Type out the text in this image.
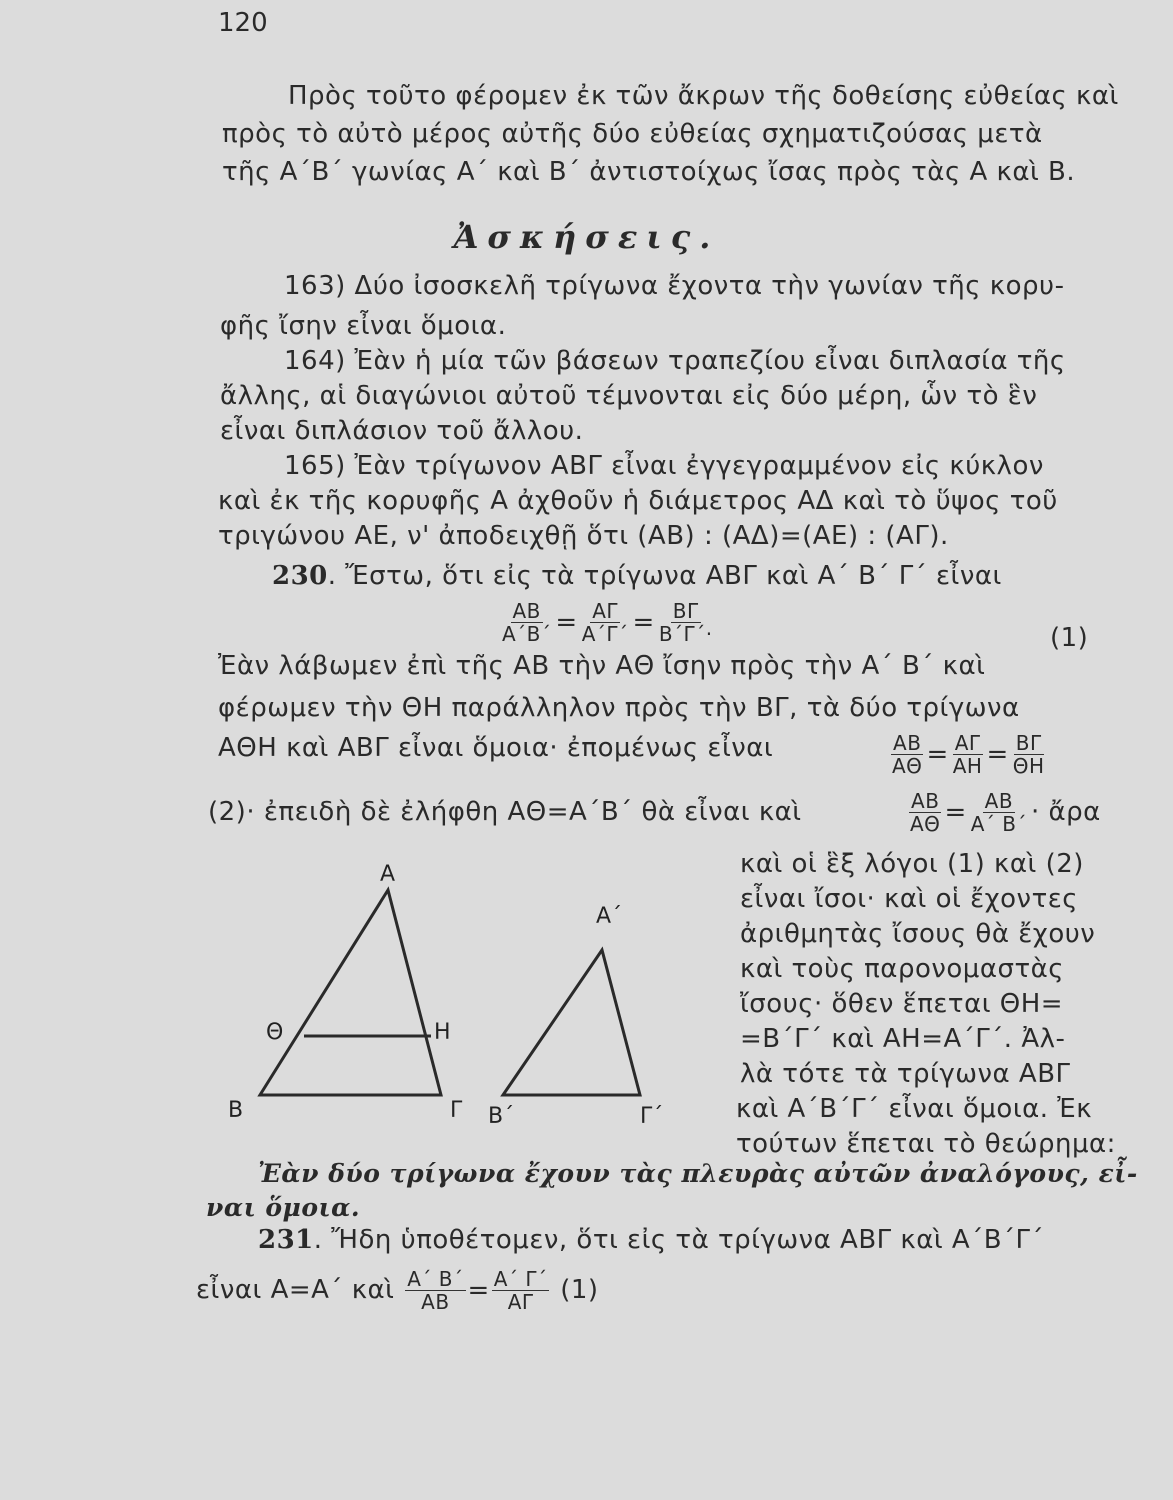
120
Πρὸς τοῦτο φέρομεν ἐκ τῶν ἄκρων τῆς δοθείσης εὐθείας καὶ
πρὸς τὸ αὐτὸ μέρος αὐτῆς δύο εὐθείας σχηματιζούσας μετὰ
τῆς Α΄Β΄ γωνίας Α΄ καὶ Β΄ ἀντιστοίχως ἴσας πρὸς τὰς Α καὶ Β.
Ἀσκήσεις.
163) Δύο ἰσοσκελῆ τρίγωνα ἔχοντα τὴν γωνίαν τῆς κορυ-
φῆς ἴσην εἶναι ὅμοια.
164) Ἐὰν ἡ μία τῶν βάσεων τραπεζίου εἶναι διπλασία τῆς
ἄλλης, αἱ διαγώνιοι αὐτοῦ τέμνονται εἰς δύο μέρη, ὧν τὸ ἓν
εἶναι διπλάσιον τοῦ ἄλλου.
165) Ἐὰν τρίγωνον ΑΒΓ εἶναι ἐγγεγραμμένον εἰς κύκλον
καὶ ἐκ τῆς κορυφῆς Α ἀχθοῦν ἡ διάμετρος ΑΔ καὶ τὸ ὕψος τοῦ
τριγώνου ΑΕ, ν' ἀποδειχθῇ ὅτι (ΑΒ) : (ΑΔ)=(ΑΕ) : (ΑΓ).
230. Ἔστω, ὅτι εἰς τὰ τρίγωνα ΑΒΓ καὶ Α΄ Β΄ Γ΄ εἶναι
$\frac{AB}{A΄B΄} = \frac{A\Gamma}{A΄\Gamma΄} = \frac{B\Gamma}{B΄\Gamma΄\cdot}$	(1)
Ἐὰν λάβωμεν ἐπὶ τῆς ΑΒ τὴν ΑΘ ἴσην πρὸς τὴν Α΄ Β΄ καὶ
φέρωμεν τὴν ΘΗ παράλληλον πρὸς τὴν ΒΓ, τὰ δύο τρίγωνα
ΑΘΗ καὶ ΑΒΓ εἶναι ὅμοια· ἐπομένως εἶναι	$\frac{AB}{A\Theta} = \frac{A\Gamma}{AH} = \frac{B\Gamma}{\Theta H}$
(2)· ἐπειδὴ δὲ ἐλήφθη ΑΘ=Α΄Β΄ θὰ εἶναι καὶ	$\frac{AB}{A\Theta} = \frac{AB}{A΄ B΄}$ · ἄρα
Α
Β	Γ
Θ	Η
Α΄
Β΄	Γ΄
καὶ οἱ ἓξ λόγοι (1) καὶ (2)
εἶναι ἴσοι· καὶ οἱ ἔχοντες
ἀριθμητὰς ἴσους θὰ ἔχουν
καὶ τοὺς παρονομαστὰς
ἴσους· ὅθεν ἕπεται ΘΗ=
=Β΄Γ΄ καὶ ΑΗ=Α΄Γ΄. Ἀλ-
λὰ τότε τὰ τρίγωνα ΑΒΓ
καὶ Α΄Β΄Γ΄ εἶναι ὅμοια. Ἐκ
τούτων ἕπεται τὸ θεώρημα:
Ἐὰν δύο τρίγωνα ἔχουν τὰς πλευρὰς αὐτῶν ἀναλόγους, εἶ-
ναι ὅμοια.
231. Ἤδη ὑποθέτομεν, ὅτι εἰς τὰ τρίγωνα ΑΒΓ καὶ Α΄Β΄Γ΄
εἶναι Α=Α΄ καὶ $\frac{A΄ B΄}{AB} = \frac{A΄ \Gamma΄}{A\Gamma} (1)$
